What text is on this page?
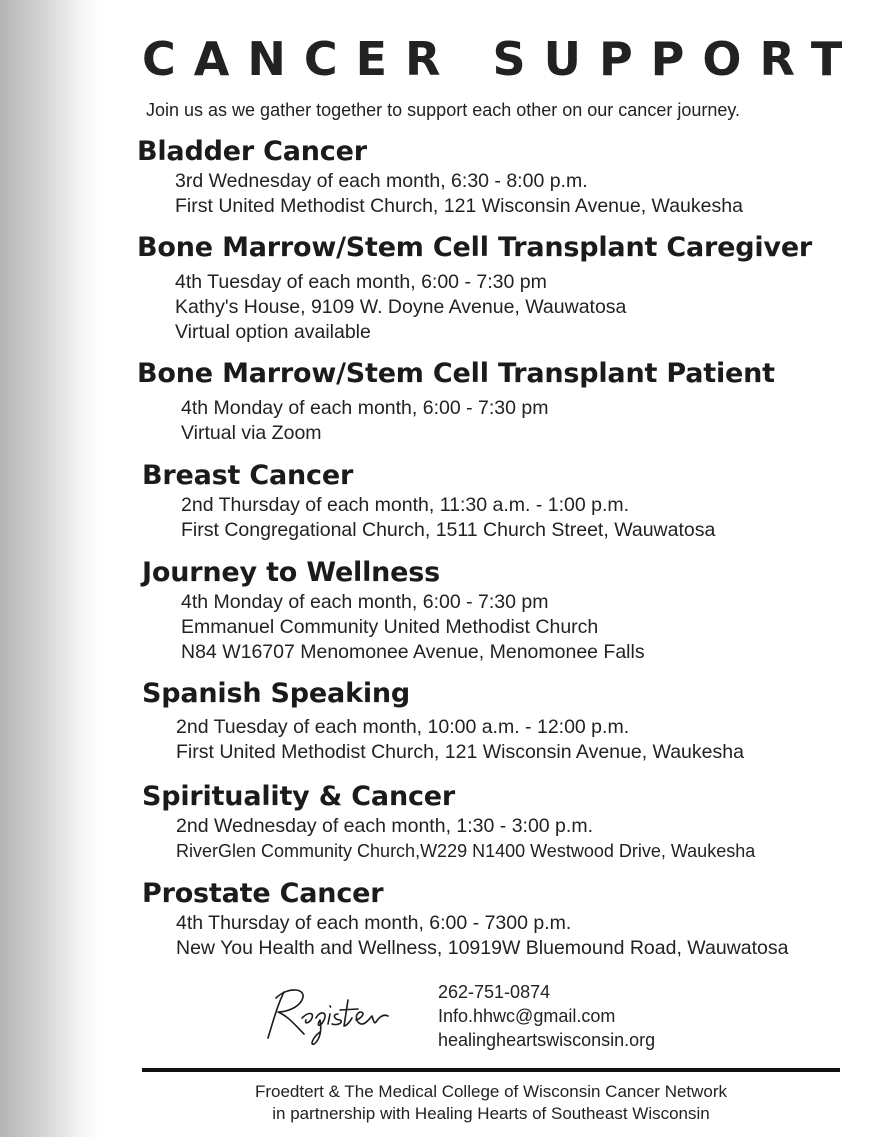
CANCER SUPPORT
Join us as we gather together to support each other on our cancer journey.
Bladder Cancer
3rd Wednesday of each month, 6:30 - 8:00 p.m.
First United Methodist Church, 121 Wisconsin Avenue, Waukesha
Bone Marrow/Stem Cell Transplant Caregiver
4th Tuesday of each month, 6:00 - 7:30 pm
Kathy's House, 9109 W. Doyne Avenue, Wauwatosa
Virtual option available
Bone Marrow/Stem Cell Transplant Patient
4th Monday of each month, 6:00 - 7:30 pm
Virtual via Zoom
Breast Cancer
2nd Thursday of each month, 11:30 a.m. - 1:00 p.m.
First Congregational Church, 1511 Church Street, Wauwatosa
Journey to Wellness
4th Monday of each month, 6:00 - 7:30 pm
Emmanuel Community United Methodist Church
N84 W16707 Menomonee Avenue, Menomonee Falls
Spanish Speaking
2nd Tuesday of each month, 10:00 a.m. - 12:00 p.m.
First United Methodist Church, 121 Wisconsin Avenue, Waukesha
Spirituality & Cancer
2nd Wednesday of each month, 1:30 - 3:00 p.m.
RiverGlen Community Church,W229 N1400 Westwood Drive, Waukesha
Prostate Cancer
4th Thursday of each month, 6:00 - 7300 p.m.
New You Health and Wellness, 10919W Bluemound Road, Wauwatosa
262-751-0874
Info.hhwc@gmail.com
healingheartswisconsin.org
Froedtert & The Medical College of Wisconsin Cancer Network
in partnership with Healing Hearts of Southeast Wisconsin
